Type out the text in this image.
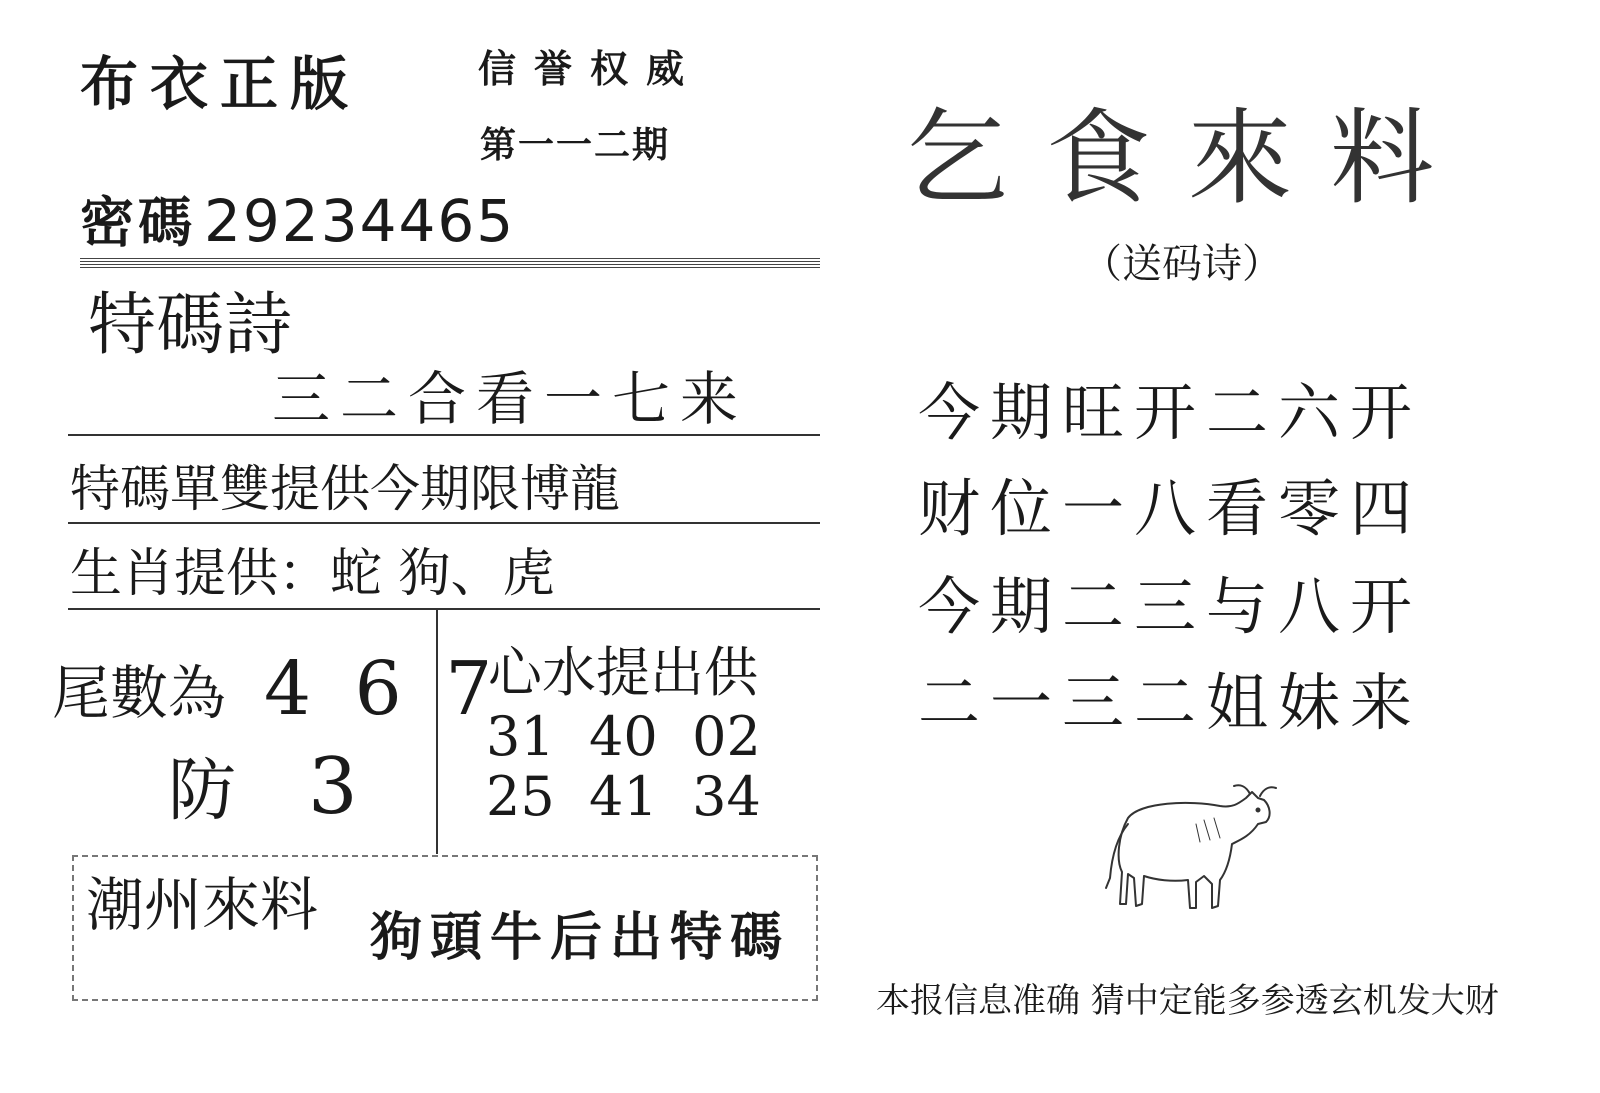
布衣正版	信誉权威
第一一二期
密碼 29234465
特碼詩
三二合看一七来
特碼單雙提供今期限博龍
生肖提供：蛇 狗、虎
尾數為 4 6 7
防 3
心水提出供
31  40  02
25  41  34
潮州來料 狗頭牛后出特碼
乞食來料
（送码诗）
今期旺开二六开
财位一八看零四
今期二三与八开
二一三二姐妹来
本报信息准确 猜中定能多参透玄机发大财
